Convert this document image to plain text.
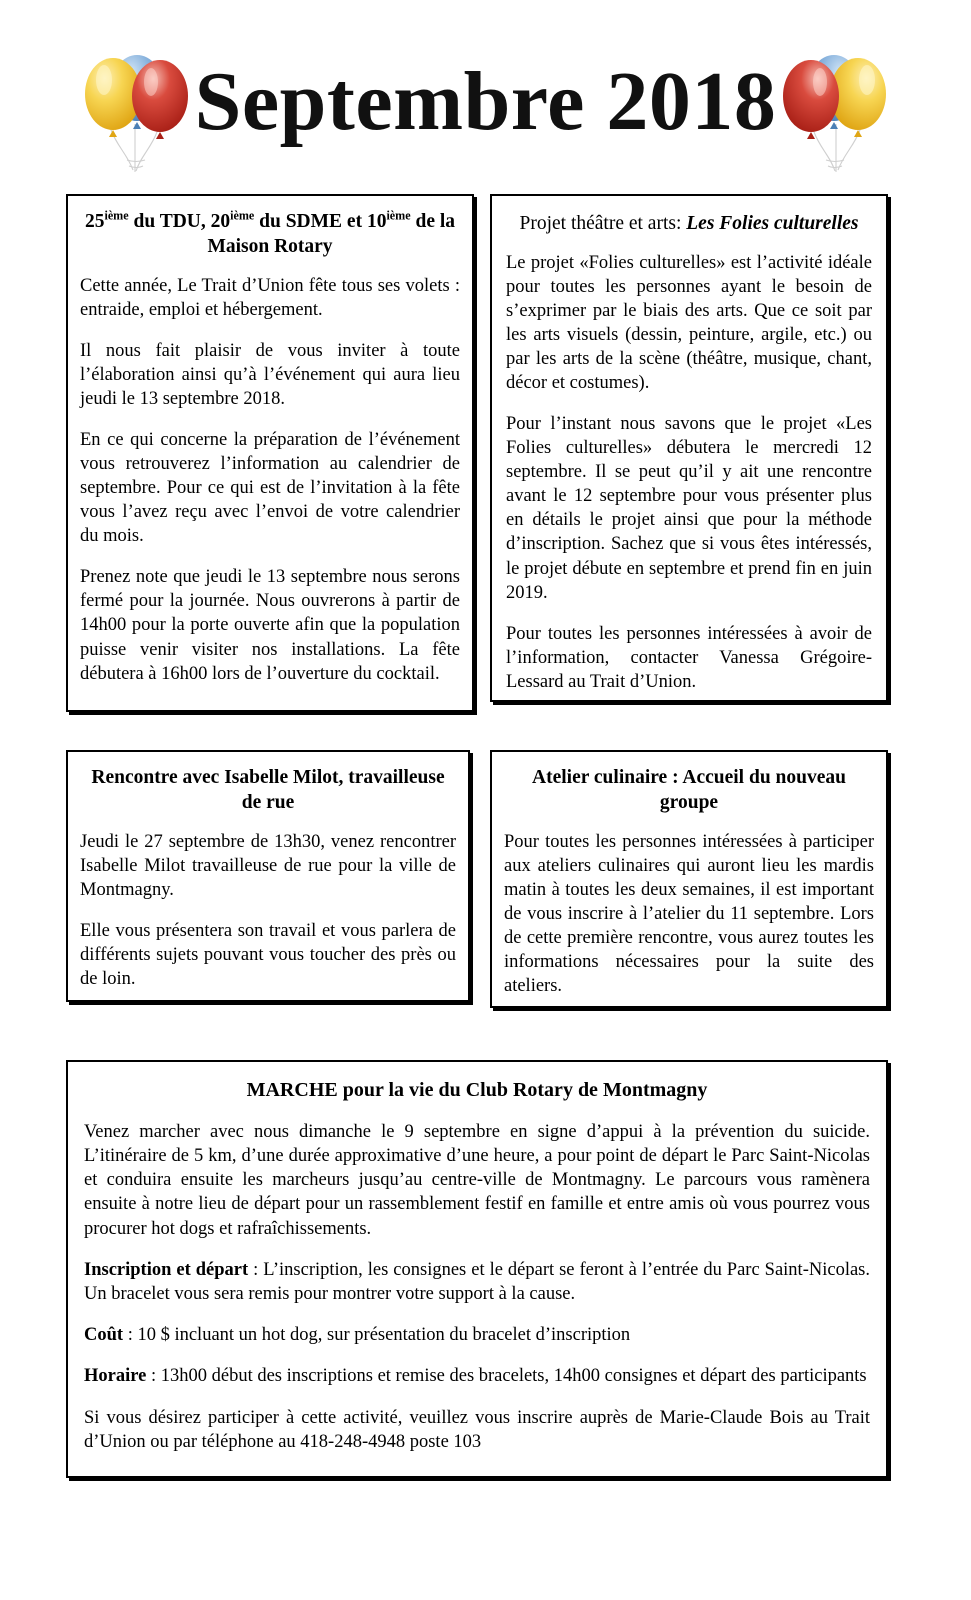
Septembre 2018
25ième du TDU, 20ième du SDME et 10ième de la Maison Rotary

Cette année, Le Trait d’Union fête tous ses volets : entraide, emploi et hébergement.

Il nous fait plaisir de vous inviter à toute l’élaboration ainsi qu’à l’événement qui aura lieu jeudi le 13 septembre 2018.

En ce qui concerne la préparation de l’événement vous retrouverez l’information au calendrier de septembre. Pour ce qui est de l’invitation à la fête vous l’avez reçu avec l’envoi de votre calendrier du mois.

Prenez note que jeudi le 13 septembre nous serons fermé pour la journée. Nous ouvrerons à partir de 14h00 pour la porte ouverte afin que la population puisse venir visiter nos installations. La fête débutera à 16h00 lors de l’ouverture du cocktail.

Projet théâtre et arts: Les Folies culturelles

Le projet «Folies culturelles» est l’activité idéale pour toutes les personnes ayant le besoin de s’exprimer par le biais des arts. Que ce soit par les arts visuels (dessin, peinture, argile, etc.) ou par les arts de la scène (théâtre, musique, chant, décor et costumes).

Pour l’instant nous savons que le projet «Les Folies culturelles» débutera le mercredi 12 septembre. Il se peut qu’il y ait une rencontre avant le 12 septembre pour vous présenter plus en détails le projet ainsi que pour la méthode d’inscription. Sachez que si vous êtes intéressés, le projet débute en septembre et prend fin en juin 2019.

Pour toutes les personnes intéressées à avoir de l’information, contacter Vanessa Grégoire-Lessard au Trait d’Union.

Rencontre avec Isabelle Milot, travailleuse de rue

Jeudi le 27 septembre de 13h30, venez rencontrer Isabelle Milot travailleuse de rue pour la ville de Montmagny.

Elle vous présentera son travail et vous parlera de différents sujets pouvant vous toucher des près ou de loin.

Atelier culinaire : Accueil du nouveau groupe

Pour toutes les personnes intéressées à participer aux ateliers culinaires qui auront lieu les mardis matin à toutes les deux semaines, il est important de vous inscrire à l’atelier du 11 septembre. Lors de cette première rencontre, vous aurez toutes les informations nécessaires pour la suite des ateliers.

MARCHE pour la vie du Club Rotary de Montmagny

Venez marcher avec nous dimanche le 9 septembre en signe d’appui à la prévention du suicide. L’itinéraire de 5 km, d’une durée approximative d’une heure, a pour point de départ le Parc Saint-Nicolas et conduira ensuite les marcheurs jusqu’au centre-ville de Montmagny. Le parcours vous ramènera ensuite à notre lieu de départ pour un rassemblement festif en famille et entre amis où vous pourrez vous procurer hot dogs et rafraîchissements.

Inscription et départ : L’inscription, les consignes et le départ se feront à l’entrée du Parc Saint-Nicolas. Un bracelet vous sera remis pour montrer votre support à la cause.

Coût : 10 $ incluant un hot dog, sur présentation du bracelet d’inscription

Horaire : 13h00 début des inscriptions et remise des bracelets, 14h00 consignes et départ des participants

Si vous désirez participer à cette activité, veuillez vous inscrire auprès de Marie-Claude Bois au Trait d’Union ou par téléphone au 418-248-4948 poste 103
